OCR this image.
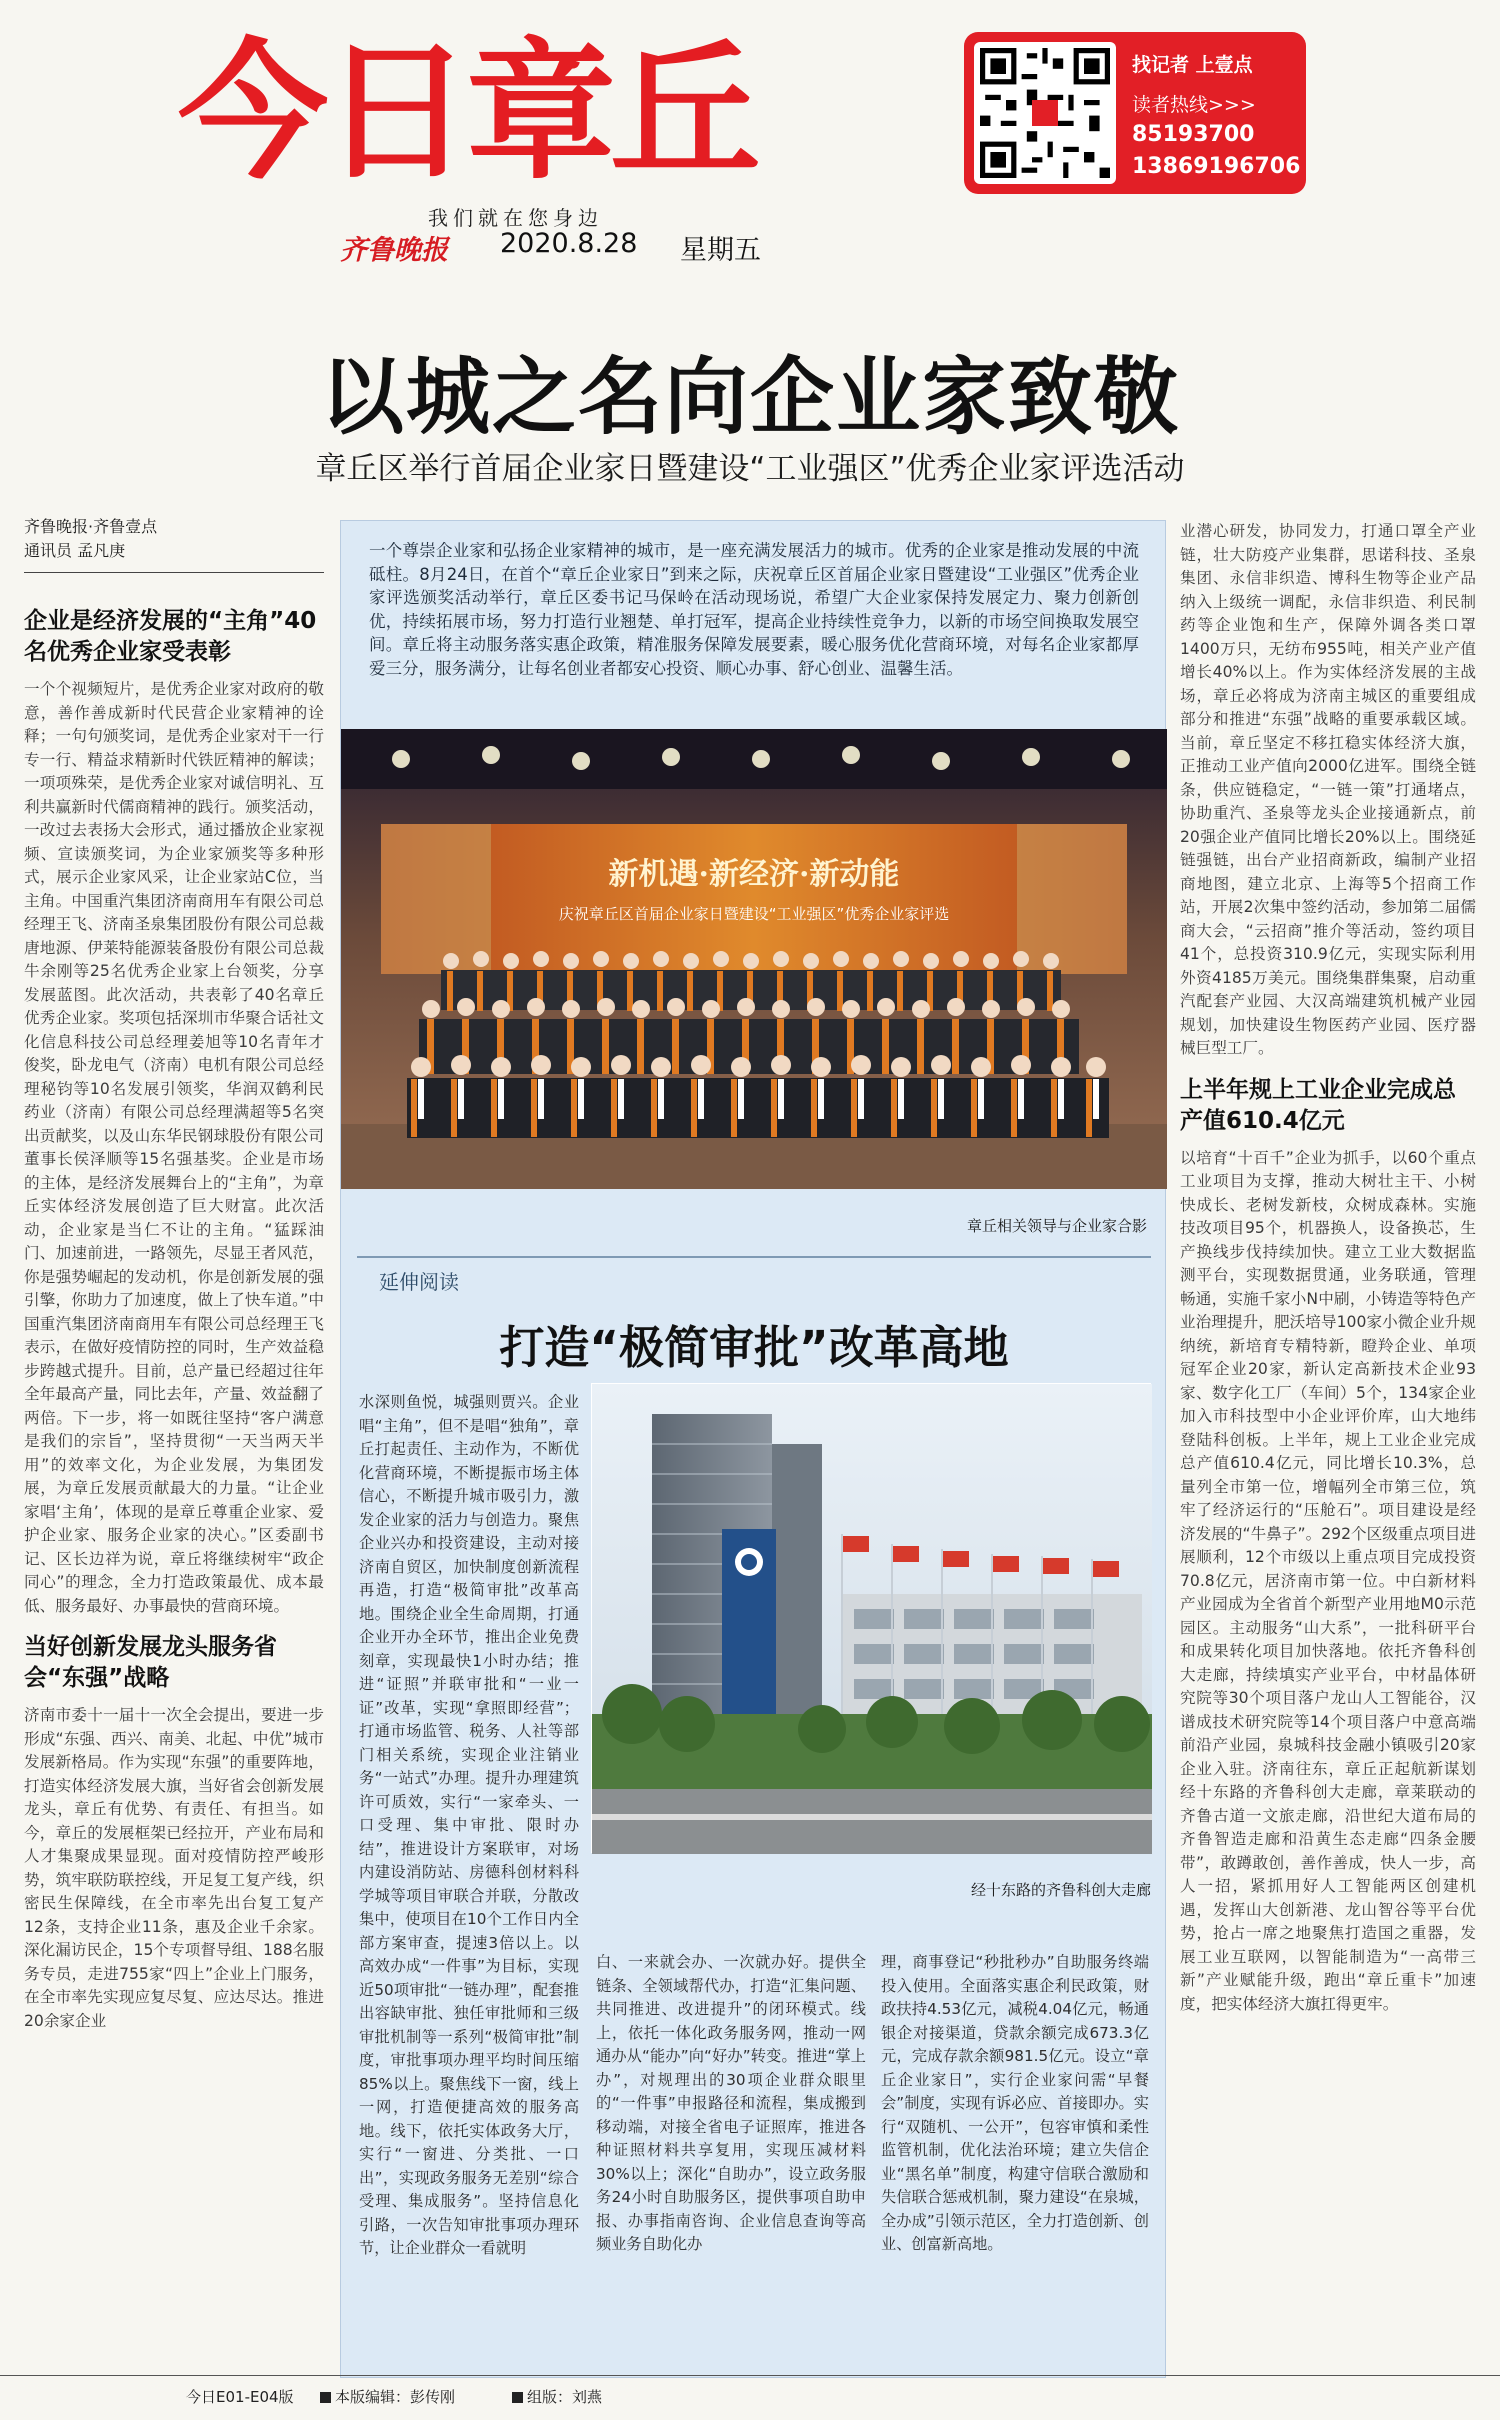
今日章丘
我们就在您身边
齐鲁晚报 2020.8.28 星期五
找记者 上壹点
读者热线>>>
85193700
13869196706
以城之名向企业家致敬
章丘区举行首届企业家日暨建设“工业强区”优秀企业家评选活动
齐鲁晚报·齐鲁壹点
通讯员 孟凡庚
企业是经济发展的“主角”40名优秀企业家受表彰
一个个视频短片，是优秀企业家对政府的敬意，善作善成新时代民营企业家精神的诠释；一句句颁奖词，是优秀企业家对干一行专一行、精益求精新时代铁匠精神的解读；一项项殊荣，是优秀企业家对诚信明礼、互利共赢新时代儒商精神的践行。颁奖活动，一改过去表扬大会形式，通过播放企业家视频、宣读颁奖词，为企业家颁奖等多种形式，展示企业家风采，让企业家站C位，当主角。中国重汽集团济南商用车有限公司总经理王飞、济南圣泉集团股份有限公司总裁唐地源、伊莱特能源装备股份有限公司总裁牛余刚等25名优秀企业家上台领奖，分享发展蓝图。此次活动，共表彰了40名章丘优秀企业家。奖项包括深圳市华聚合话社文化信息科技公司总经理姜旭等10名青年才俊奖，卧龙电气（济南）电机有限公司总经理秘钧等10名发展引领奖，华润双鹤利民药业（济南）有限公司总经理满超等5名突出贡献奖，以及山东华民钢球股份有限公司董事长侯泽顺等15名强基奖。企业是市场的主体，是经济发展舞台上的“主角”，为章丘实体经济发展创造了巨大财富。此次活动，企业家是当仁不让的主角。“猛踩油门、加速前进，一路领先，尽显王者风范，你是强势崛起的发动机，你是创新发展的强引擎，你助力了加速度，做上了快车道。”中国重汽集团济南商用车有限公司总经理王飞表示，在做好疫情防控的同时，生产效益稳步跨越式提升。目前，总产量已经超过往年全年最高产量，同比去年，产量、效益翻了两倍。下一步，将一如既往坚持“客户满意是我们的宗旨”，坚持贯彻“一天当两天半用”的效率文化，为企业发展，为集团发展，为章丘发展贡献最大的力量。“让企业家唱‘主角’，体现的是章丘尊重企业家、爱护企业家、服务企业家的决心。”区委副书记、区长边祥为说，章丘将继续树牢“政企同心”的理念，全力打造政策最优、成本最低、服务最好、办事最快的营商环境。
当好创新发展龙头服务省会“东强”战略
济南市委十一届十一次全会提出，要进一步形成“东强、西兴、南美、北起、中优”城市发展新格局。作为实现“东强”的重要阵地，打造实体经济发展大旗，当好省会创新发展龙头，章丘有优势、有责任、有担当。如今，章丘的发展框架已经拉开，产业布局和人才集聚成果显现。面对疫情防控严峻形势，筑牢联防联控线，开足复工复产线，织密民生保障线，在全市率先出台复工复产12条，支持企业11条，惠及企业千余家。深化漏访民企，15个专项督导组、188名服务专员，走进755家“四上”企业上门服务，在全市率先实现应复尽复、应达尽达。推进20余家企业
一个尊崇企业家和弘扬企业家精神的城市，是一座充满发展活力的城市。优秀的企业家是推动发展的中流砥柱。8月24日，在首个“章丘企业家日”到来之际，庆祝章丘区首届企业家日暨建设“工业强区”优秀企业家评选颁奖活动举行，章丘区委书记马保岭在活动现场说，希望广大企业家保持发展定力、聚力创新创优，持续拓展市场，努力打造行业翘楚、单打冠军，提高企业持续性竞争力，以新的市场空间换取发展空间。章丘将主动服务落实惠企政策，精准服务保障发展要素，暖心服务优化营商环境，对每名企业家都厚爱三分，服务满分，让每名创业者都安心投资、顺心办事、舒心创业、温馨生活。
新机遇·新经济·新动能
庆祝章丘区首届企业家日暨建设“工业强区”优秀企业家评选
章丘相关领导与企业家合影
延伸阅读
打造“极简审批”改革高地
水深则鱼悦，城强则贾兴。企业唱“主角”，但不是唱“独角”，章丘打起责任、主动作为，不断优化营商环境，不断提振市场主体信心，不断提升城市吸引力，激发企业家的活力与创造力。聚焦企业兴办和投资建设，主动对接济南自贸区，加快制度创新流程再造，打造“极简审批”改革高地。围绕企业全生命周期，打通企业开办全环节，推出企业免费刻章，实现最快1小时办结；推进“证照”并联审批和“一业一证”改革，实现“拿照即经营”；打通市场监管、税务、人社等部门相关系统，实现企业注销业务“一站式”办理。提升办理建筑许可质效，实行“一家牵头、一口受理、集中审批、限时办结”，推进设计方案联审，对场内建设消防站、房德科创材料科学城等项目审联合并联，分散改集中，使项目在10个工作日内全部方案审查，提速3倍以上。以高效办成“一件事”为目标，实现近50项审批“一链办理”，配套推出容缺审批、独任审批师和三级审批机制等一系列“极简审批”制度，审批事项办理平均时间压缩85%以上。聚焦线下一窗，线上一网，打造便捷高效的服务高地。线下，依托实体政务大厅，实行“一窗进、分类批、一口出”，实现政务服务无差别“综合受理、集成服务”。坚持信息化引路，一次告知审批事项办理环节，让企业群众一看就明
经十东路的齐鲁科创大走廊
白、一来就会办、一次就办好。提供全链条、全领域帮代办，打造“汇集问题、共同推进、改进提升”的闭环模式。线上，依托一体化政务服务网，推动一网通办从“能办”向“好办”转变。推进“掌上办”，对规理出的30项企业群众眼里的“一件事”申报路径和流程，集成搬到移动端，对接全省电子证照库，推进各种证照材料共享复用，实现压减材料30%以上；深化“自助办”，设立政务服务24小时自助服务区，提供事项自助申报、办事指南咨询、企业信息查询等高频业务自助化办
理，商事登记“秒批秒办”自助服务终端投入使用。全面落实惠企利民政策，财政扶持4.53亿元，减税4.04亿元，畅通银企对接渠道，贷款余额完成673.3亿元，完成存款余额981.5亿元。设立“章丘企业家日”，实行企业家问需“早餐会”制度，实现有诉必应、首接即办。实行“双随机、一公开”，包容审慎和柔性监管机制，优化法治环境；建立失信企业“黑名单”制度，构建守信联合激励和失信联合惩戒机制，聚力建设“在泉城，全办成”引领示范区，全力打造创新、创业、创富新高地。
业潜心研发，协同发力，打通口罩全产业链，壮大防疫产业集群，思诺科技、圣泉集团、永信非织造、博科生物等企业产品纳入上级统一调配，永信非织造、利民制药等企业饱和生产，保障外调各类口罩1400万只，无纺布955吨，相关产业产值增长40%以上。作为实体经济发展的主战场，章丘必将成为济南主城区的重要组成部分和推进“东强”战略的重要承载区域。当前，章丘坚定不移扛稳实体经济大旗，正推动工业产值向2000亿进军。围绕全链条，供应链稳定，“一链一策”打通堵点，协助重汽、圣泉等龙头企业接通新点，前20强企业产值同比增长20%以上。围绕延链强链，出台产业招商新政，编制产业招商地图，建立北京、上海等5个招商工作站，开展2次集中签约活动，参加第二届儒商大会，“云招商”推介等活动，签约项目41个，总投资310.9亿元，实现实际利用外资4185万美元。围绕集群集聚，启动重汽配套产业园、大汉高端建筑机械产业园规划，加快建设生物医药产业园、医疗器械巨型工厂。
上半年规上工业企业完成总产值610.4亿元
以培育“十百千”企业为抓手，以60个重点工业项目为支撑，推动大树壮主干、小树快成长、老树发新枝，众树成森林。实施技改项目95个，机器换人，设备换芯，生产换线步伐持续加快。建立工业大数据监测平台，实现数据贯通，业务联通，管理畅通，实施千家小N中刷，小铸造等特色产业治理提升，肥沃培导100家小微企业升规纳统，新培育专精特新，瞪羚企业、单项冠军企业20家，新认定高新技术企业93家、数字化工厂（车间）5个，134家企业加入市科技型中小企业评价库，山大地纬登陆科创板。上半年，规上工业企业完成总产值610.4亿元，同比增长10.3%，总量列全市第一位，增幅列全市第三位，筑牢了经济运行的“压舱石”。项目建设是经济发展的“牛鼻子”。292个区级重点项目进展顺利，12个市级以上重点项目完成投资70.8亿元，居济南市第一位。中白新材料产业园成为全省首个新型产业用地M0示范园区。主动服务“山大系”，一批科研平台和成果转化项目加快落地。依托齐鲁科创大走廊，持续填实产业平台，中材晶体研究院等30个项目落户龙山人工智能谷，汉谱成技术研究院等14个项目落户中意高端前沿产业园，泉城科技金融小镇吸引20家企业入驻。济南往东，章丘正起航新谋划经十东路的齐鲁科创大走廊，章莱联动的齐鲁古道一文旅走廊，沿世纪大道布局的齐鲁智造走廊和沿黄生态走廊“四条金腰带”，敢蹲敢创，善作善成，快人一步，高人一招，紧抓用好人工智能两区创建机遇，发挥山大创新港、龙山智谷等平台优势，抢占一席之地聚焦打造国之重器，发展工业互联网，以智能制造为“一高带三新”产业赋能升级，跑出“章丘重卡”加速度，把实体经济大旗扛得更牢。
今日E01-E04版	本版编辑：彭传刚	组版：刘燕
